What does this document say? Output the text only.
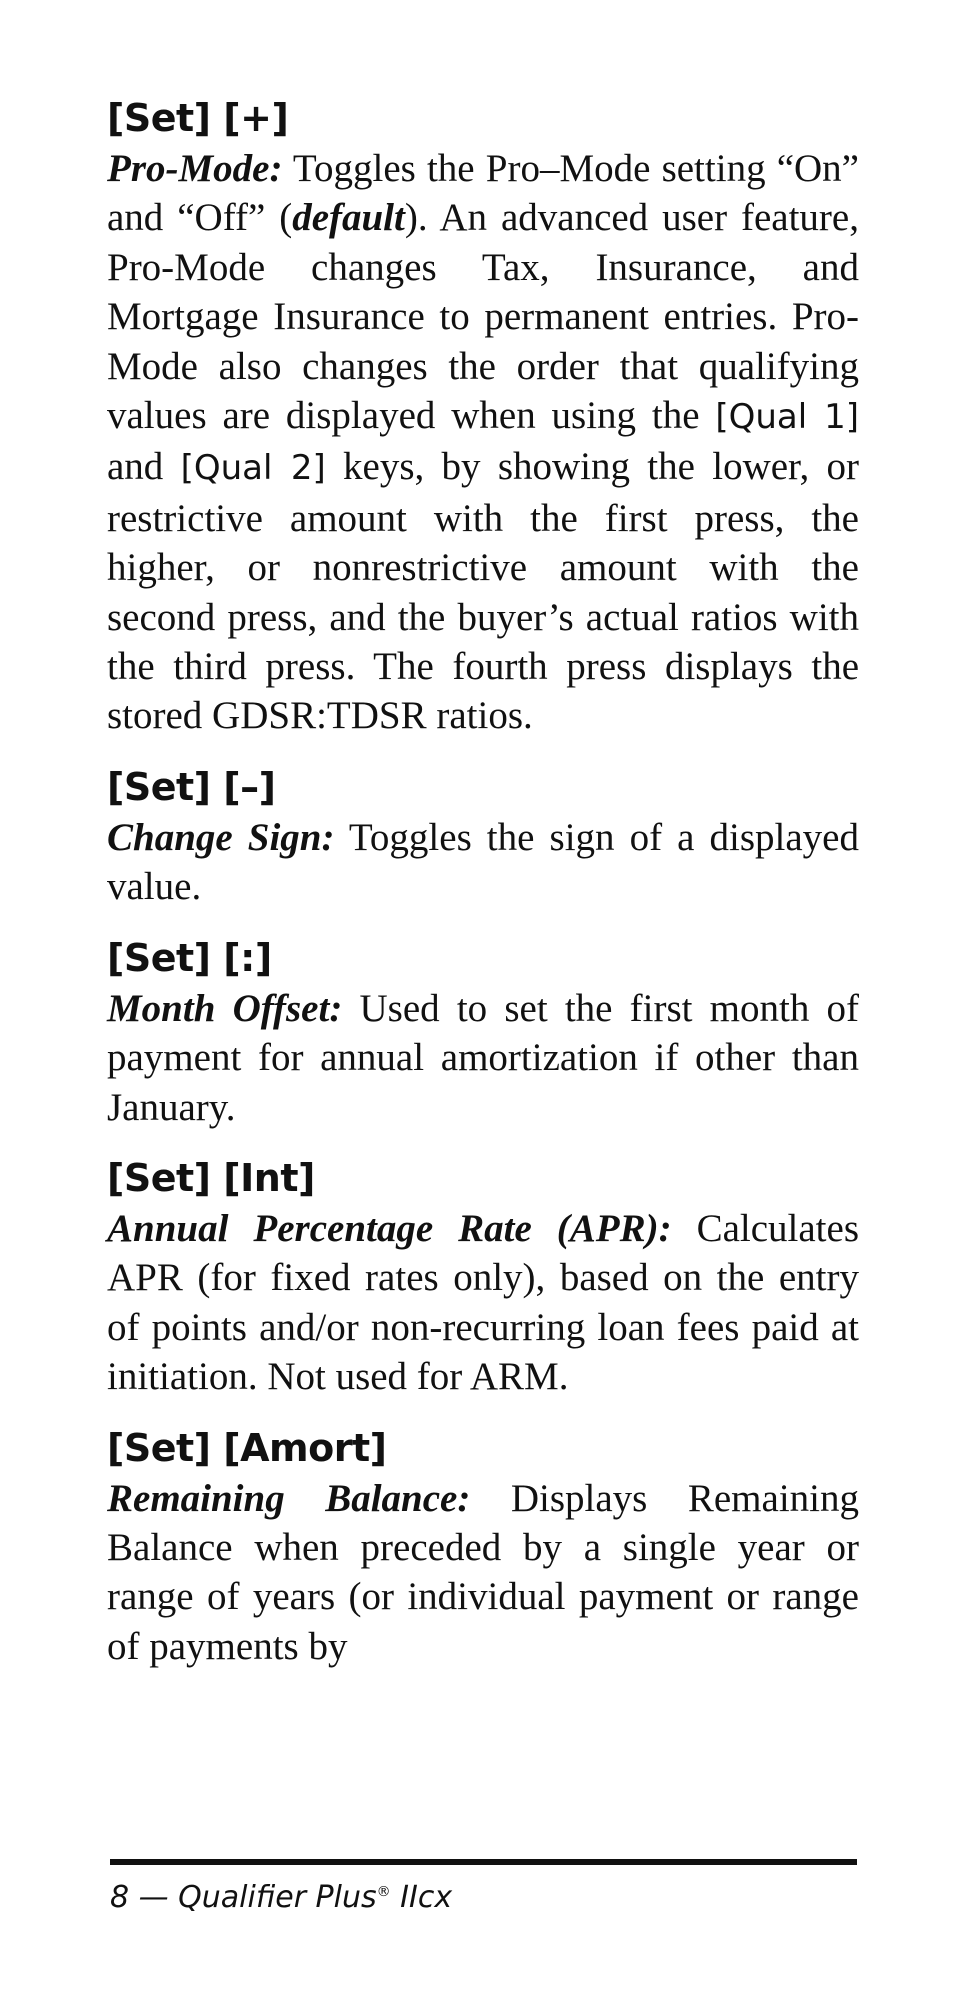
[Set] [+]

Pro-Mode: Toggles the Pro–Mode setting “On” and “Off” (default). An advanced user feature, Pro-Mode changes Tax, Insurance, and Mortgage Insurance to permanent entries. Pro-Mode also changes the order that qualifying values are displayed when using the [Qual 1] and [Qual 2] keys, by showing the lower, or restrictive amount with the first press, the higher, or nonrestrictive amount with the second press, and the buyer’s actual ratios with the third press. The fourth press displays the stored GDSR:TDSR ratios.

[Set] [–]

Change Sign: Toggles the sign of a displayed value.

[Set] [:]

Month Offset: Used to set the first month of payment for annual amortization if other than January.

[Set] [Int]

Annual Percentage Rate (APR): Calculates APR (for fixed rates only), based on the entry of points and/or non-recurring loan fees paid at initiation. Not used for ARM.

[Set] [Amort]

Remaining Balance: Displays Remaining Balance when preceded by a single year or range of years (or individual payment or range of payments by

8 — Qualifier Plus® IIcx
